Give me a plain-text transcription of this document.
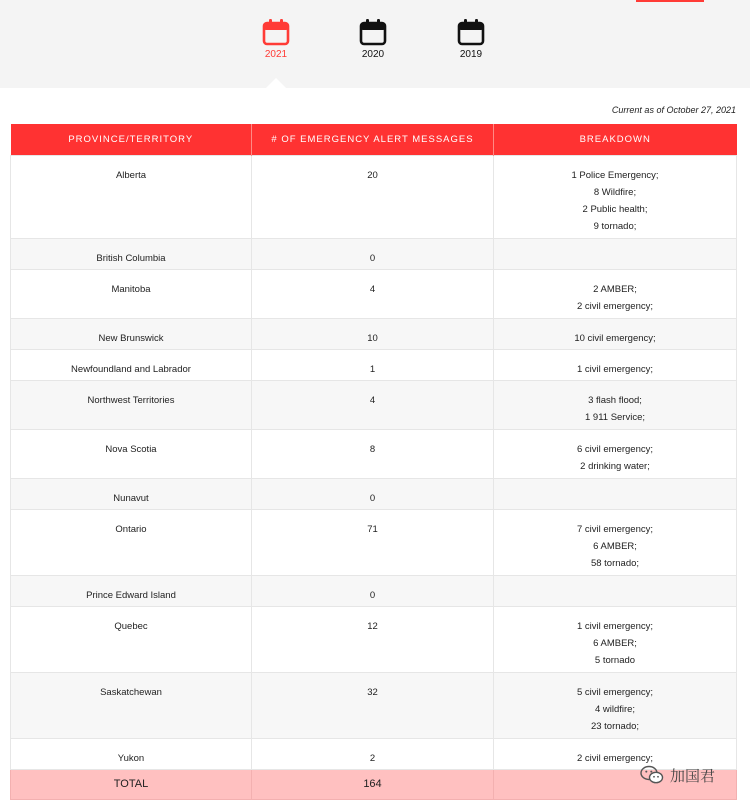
2021	2020	2019
Current as of October 27, 2021
PROVINCE/TERRITORY	# OF EMERGENCY ALERT MESSAGES	BREAKDOWN
Alberta	20	1 Police Emergency;
8 Wildfire;
2 Public health;
9 tornado;

British Columbia	0	
Manitoba	4	2 AMBER;
2 civil emergency;

New Brunswick	10	10 civil emergency;

Newfoundland and Labrador	1	1 civil emergency;

Northwest Territories	4	3 flash flood;
1 911 Service;

Nova Scotia	8	6 civil emergency;
2 drinking water;

Nunavut	0	
Ontario	71	7 civil emergency;
6 AMBER;
58 tornado;

Prince Edward Island	0	
Quebec	12	1 civil emergency;
6 AMBER;
5 tornado

Saskatchewan	32	5 civil emergency;
4 wildfire;
23 tornado;

Yukon	2	2 civil emergency;

TOTAL	164		加国君
